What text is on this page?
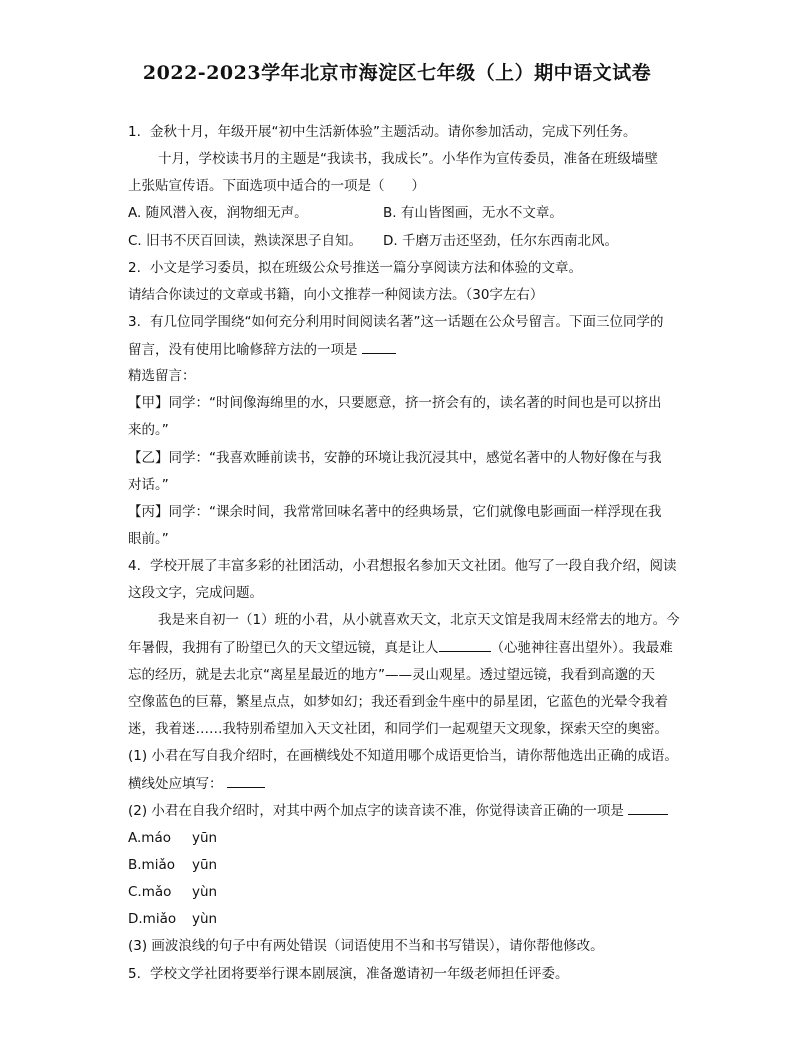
2022-2023学年北京市海淀区七年级（上）期中语文试卷
1. 金秋十月，年级开展“初中生活新体验”主题活动。请你参加活动，完成下列任务。
十月，学校读书月的主题是“我读书，我成长”。小华作为宣传委员，准备在班级墙壁
上张贴宣传语。下面选项中适合的一项是（　　）
A. 随风潜入夜，润物细无声。	B. 有山皆图画，无水不文章。
C. 旧书不厌百回读，熟读深思子自知。 D. 千磨万击还坚劲，任尔东西南北风。
2. 小文是学习委员，拟在班级公众号推送一篇分享阅读方法和体验的文章。
请结合你读过的文章或书籍，向小文推荐一种阅读方法。（30字左右）
3. 有几位同学围绕“如何充分利用时间阅读名著”这一话题在公众号留言。下面三位同学的
留言，没有使用比喻修辞方法的一项是
精选留言：
【甲】同学：“时间像海绵里的水，只要愿意，挤一挤会有的，读名著的时间也是可以挤出
来的。”
【乙】同学：“我喜欢睡前读书，安静的环境让我沉浸其中，感觉名著中的人物好像在与我
对话。”
【丙】同学：“课余时间，我常常回味名著中的经典场景，它们就像电影画面一样浮现在我
眼前。”
4. 学校开展了丰富多彩的社团活动，小君想报名参加天文社团。他写了一段自我介绍，阅读
这段文字，完成问题。
我是来自初一（1）班的小君，从小就喜欢天文，北京天文馆是我周末经常去的地方。今
年暑假，我拥有了盼望已久的天文望远镜，真是让人	（心驰神往喜出望外）。我最难
忘的经历，就是去北京“离星星最近的地方”——灵山观星。透过望远镜，我看到高邈的天
空像蓝色的巨幕，繁星点点，如梦如幻；我还看到金牛座中的昴星团，它蓝色的光晕令我着
迷，我着迷……我特别希望加入天文社团，和同学们一起观望天文现象，探索天空的奥密。
(1) 小君在写自我介绍时，在画横线处不知道用哪个成语更恰当，请你帮他选出正确的成语。
横线处应填写：
(2) 小君在自我介绍时，对其中两个加点字的读音读不准，你觉得读音正确的一项是
A.máo yūn
B.miǎo yūn
C.mǎo yùn
D.miǎo yùn
(3) 画波浪线的句子中有两处错误（词语使用不当和书写错误），请你帮他修改。
5. 学校文学社团将要举行课本剧展演，准备邀请初一年级老师担任评委。
